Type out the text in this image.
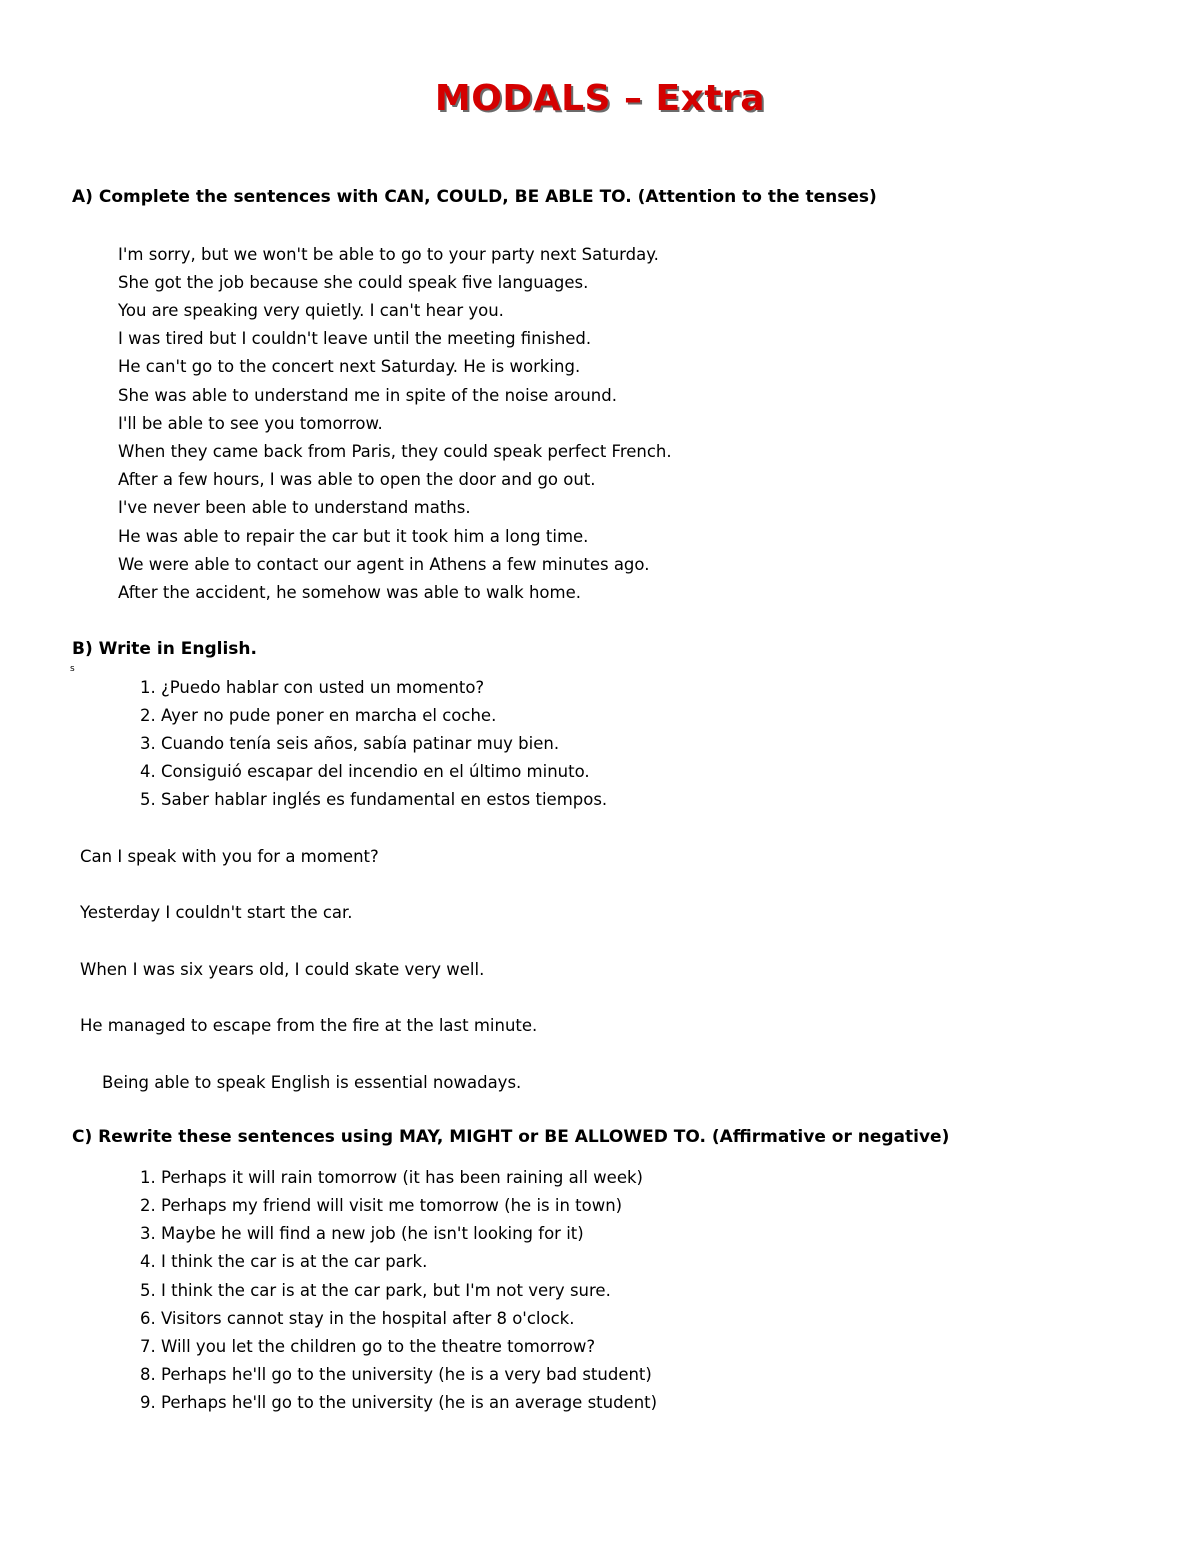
MODALS – Extra
A) Complete the sentences with CAN, COULD, BE ABLE TO. (Attention to the tenses)
I'm sorry, but we won't be able to go to your party next Saturday.
She got the job because she could speak five languages.
You are speaking very quietly. I can't hear you.
I was tired but I couldn't leave until the meeting finished.
He can't go to the concert next Saturday. He is working.
She was able to understand me in spite of the noise around.
I'll be able to see you tomorrow.
When they came back from Paris, they could speak perfect French.
After a few hours, I was able to open the door and go out.
I've never been able to understand maths.
He was able to repair the car but it took him a long time.
We were able to contact our agent in Athens a few minutes ago.
After the accident, he somehow was able to walk home.
B) Write in English.
s
1. ¿Puedo hablar con usted un momento?
2. Ayer no pude poner en marcha el coche.
3. Cuando tenía seis años, sabía patinar muy bien.
4. Consiguió escapar del incendio en el último minuto.
5. Saber hablar inglés es fundamental en estos tiempos.
Can I speak with you for a moment?
Yesterday I couldn't start the car.
When I was six years old, I could skate very well.
He managed to escape from the fire at the last minute.
Being able to speak English is essential nowadays.
C) Rewrite these sentences using MAY, MIGHT or BE ALLOWED TO. (Affirmative or negative)
1. Perhaps it will rain tomorrow (it has been raining all week)
2. Perhaps my friend will visit me tomorrow (he is in town)
3. Maybe he will find a new job (he isn't looking for it)
4. I think the car is at the car park.
5. I think the car is at the car park, but I'm not very sure.
6. Visitors cannot stay in the hospital after 8 o'clock.
7. Will you let the children go to the theatre tomorrow?
8. Perhaps he'll go to the university (he is a very bad student)
9. Perhaps he'll go to the university (he is an average student)
